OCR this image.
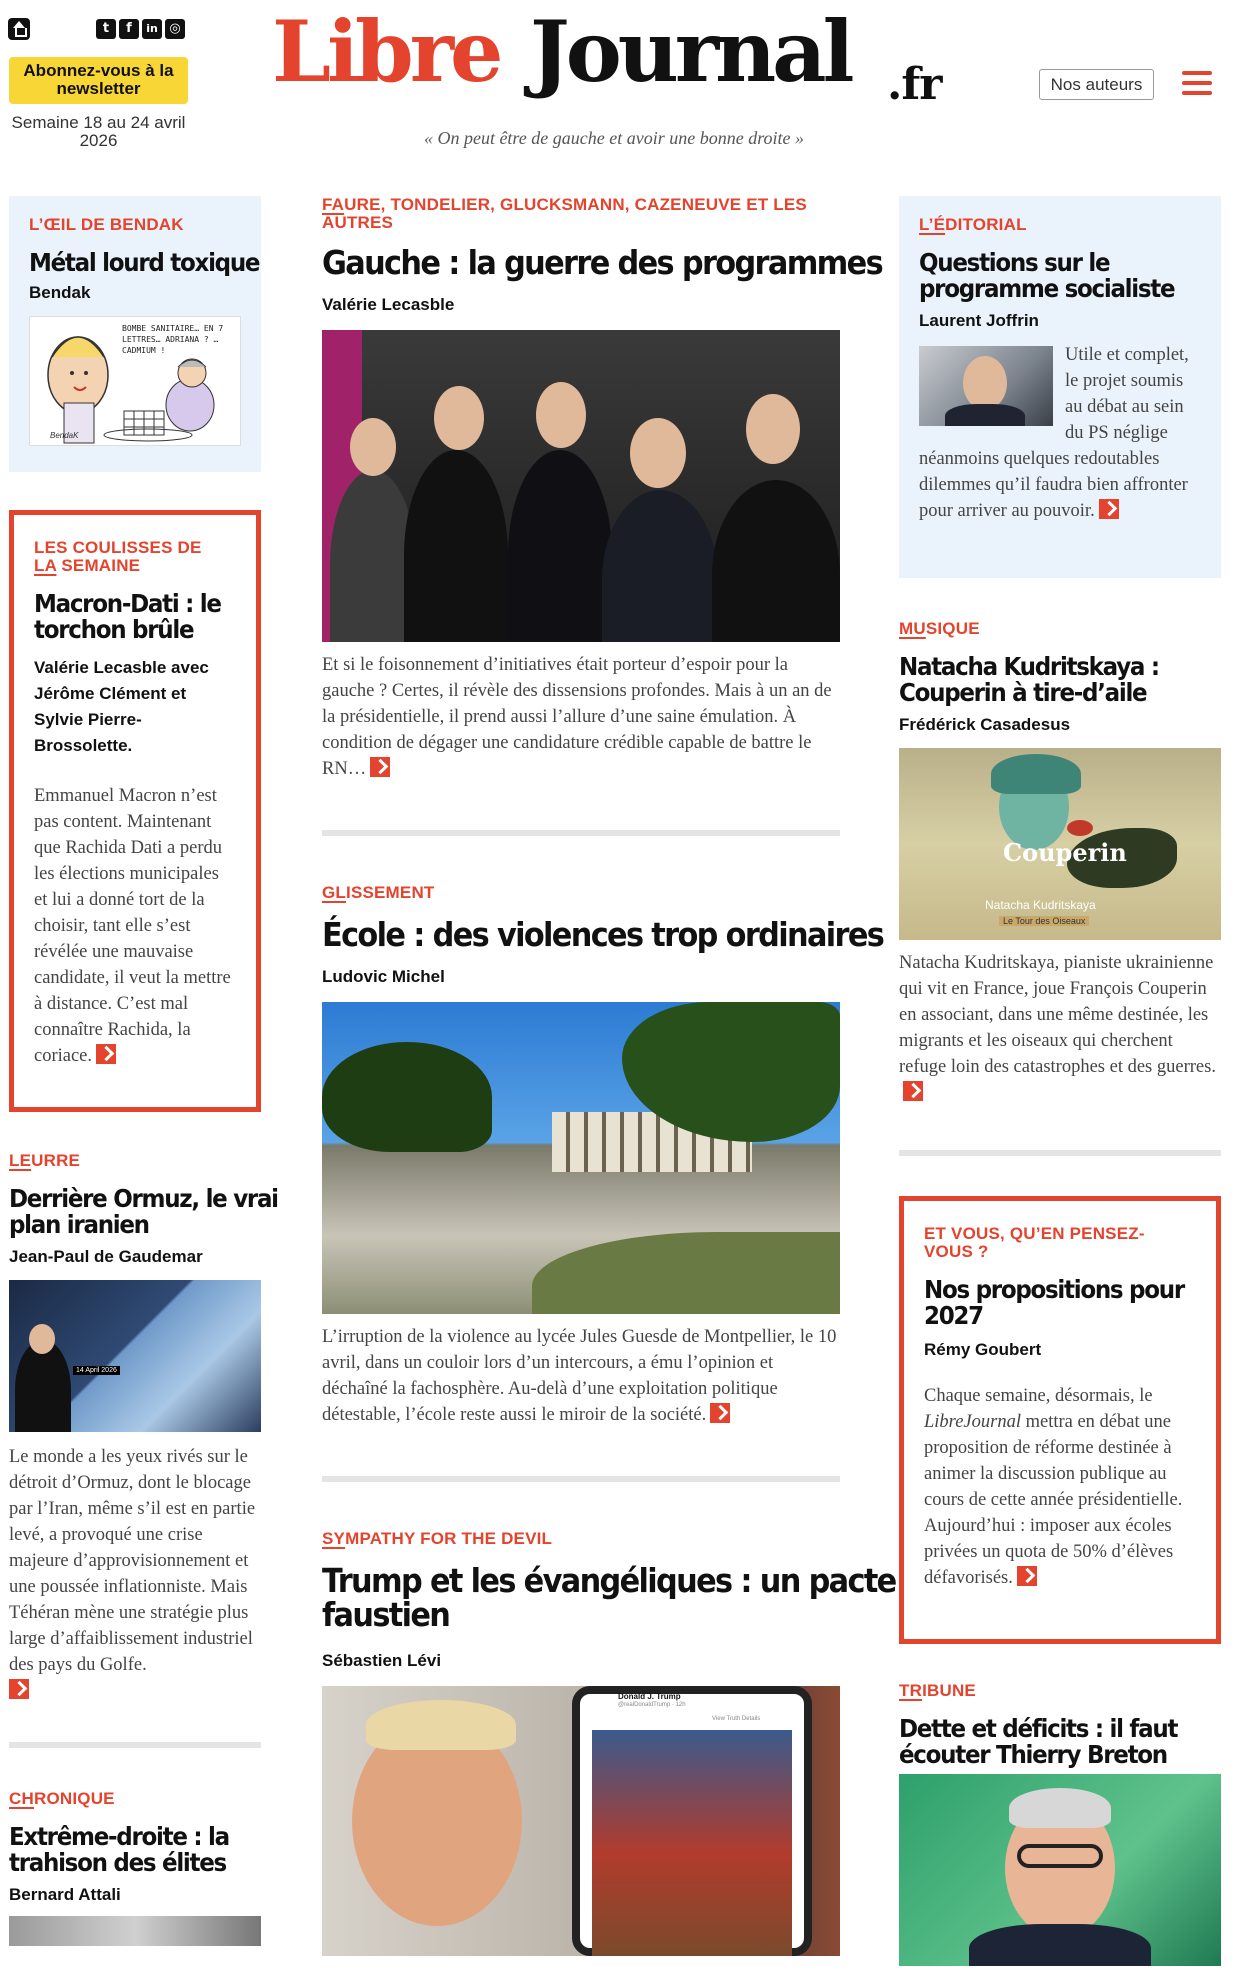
t	f	in ◎
Abonnez-vous à la newsletter
Semaine 18 au 24 avril 2026
Libre Journal .fr
« On peut être de gauche et avoir une bonne droite »
Nos auteurs
L’ŒIL DE BENDAK
Métal lourd toxique
Bendak
BOMBE SANITAIRE… EN 7 LETTRES… ADRIANA ? … CADMIUM !
BendaK
LES COULISSES DE
LA SEMAINE
Macron-Dati : le
torchon brûle
Valérie Lecasble avec Jérôme Clément et Sylvie Pierre-Brossolette.
Emmanuel Macron n’est pas content. Maintenant que Rachida Dati a perdu les élections municipales et lui a donné tort de la choisir, tant elle s’est révélée une mauvaise candidate, il veut la mettre à distance. C’est mal connaître Rachida, la coriace.
LEURRE
Derrière Ormuz, le vrai
plan iranien
Jean-Paul de Gaudemar
14 April 2026
Le monde a les yeux rivés sur le détroit d’Ormuz, dont le blocage par l’Iran, même s’il est en partie levé, a provoqué une crise majeure d’approvisionnement et une poussée inflationniste. Mais Téhéran mène une stratégie plus large d’affaiblissement industriel des pays du Golfe.

CHRONIQUE
Extrême-droite : la
trahison des élites
Bernard Attali
FAURE, TONDELIER, GLUCKSMANN, CAZENEUVE ET LES AUTRES
Gauche : la guerre des programmes
Valérie Lecasble
Et si le foisonnement d’initiatives était porteur d’espoir pour la gauche ? Certes, il révèle des dissensions profondes. Mais à un an de la présidentielle, il prend aussi l’allure d’une saine émulation. À condition de dégager une candidature crédible capable de battre le RN…
GLISSEMENT
École : des violences trop ordinaires
Ludovic Michel
L’irruption de la violence au lycée Jules Guesde de Montpellier, le 10 avril, dans un couloir lors d’un intercours, a ému l’opinion et déchaîné la fachosphère. Au-delà d’une exploitation politique détestable, l’école reste aussi le miroir de la société.
SYMPATHY FOR THE DEVIL
Trump et les évangéliques : un pacte
faustien
Sébastien Lévi
Donald J. Trump
@realDonaldTrump · 12h
View Truth Details
L’ÉDITORIAL
Questions sur le
programme socialiste
Laurent Joffrin
Utile et complet, le projet soumis au débat au sein du PS néglige néanmoins quelques redoutables dilemmes qu’il faudra bien affronter pour arriver au pouvoir.
MUSIQUE
Natacha Kudritskaya :
Couperin à tire-d’aile
Frédérick Casadesus
Couperin
Natacha Kudritskaya
Le Tour des Oiseaux
Natacha Kudritskaya, pianiste ukrainienne qui vit en France, joue François Couperin en associant, dans une même destinée, les migrants et les oiseaux qui cherchent refuge loin des catastrophes et des guerres.
ET VOUS, QU’EN PENSEZ-
VOUS ?
Nos propositions pour
2027
Rémy Goubert
Chaque semaine, désormais, le LibreJournal mettra en débat une proposition de réforme destinée à animer la discussion publique au cours de cette année présidentielle. Aujourd’hui : imposer aux écoles privées un quota de 50% d’élèves défavorisés.
TRIBUNE
Dette et déficits : il faut
écouter Thierry Breton
